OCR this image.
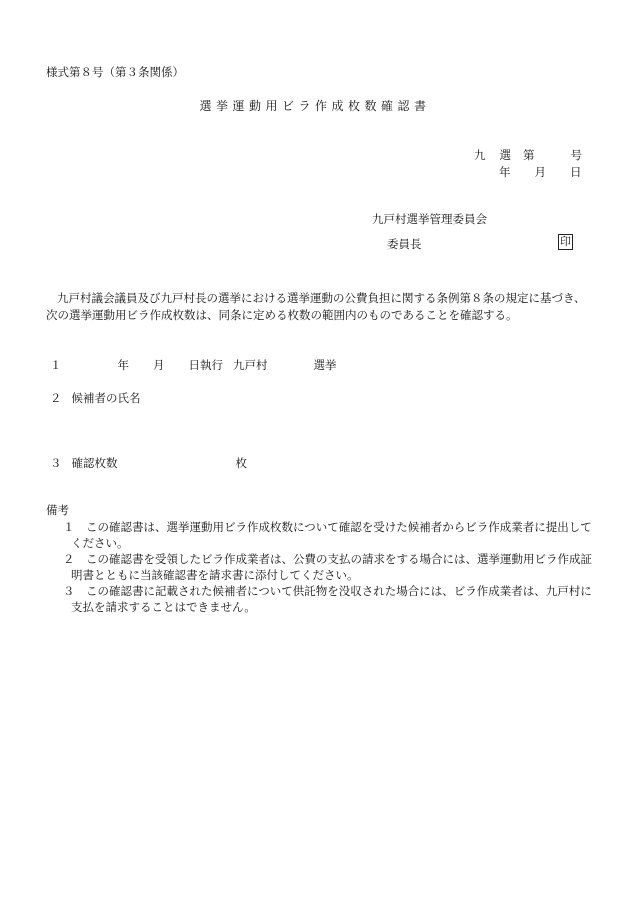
様式第８号（第３条関係）
選挙運動用ビラ作成枚数確認書
九 選 第	号
年 月 日
九戸村選挙管理委員会
委員長	印
九戸村議会議員及び九戸村長の選挙における選挙運動の公費負担に関する条例第８条の規定に基づき、次の選挙運動用ビラ作成枚数は、同条に定める枚数の範囲内のものであることを確認する。
１	年 月 日執行 九戸村	選挙
２ 候補者の氏名
３ 確認枚数	枚
備考
１　この確認書は、選挙運動用ビラ作成枚数について確認を受けた候補者からビラ作成業者に提出してください。
２　この確認書を受領したビラ作成業者は、公費の支払の請求をする場合には、選挙運動用ビラ作成証明書とともに当該確認書を請求書に添付してください。
３　この確認書に記載された候補者について供託物を没収された場合には、ビラ作成業者は、九戸村に支払を請求することはできません。
